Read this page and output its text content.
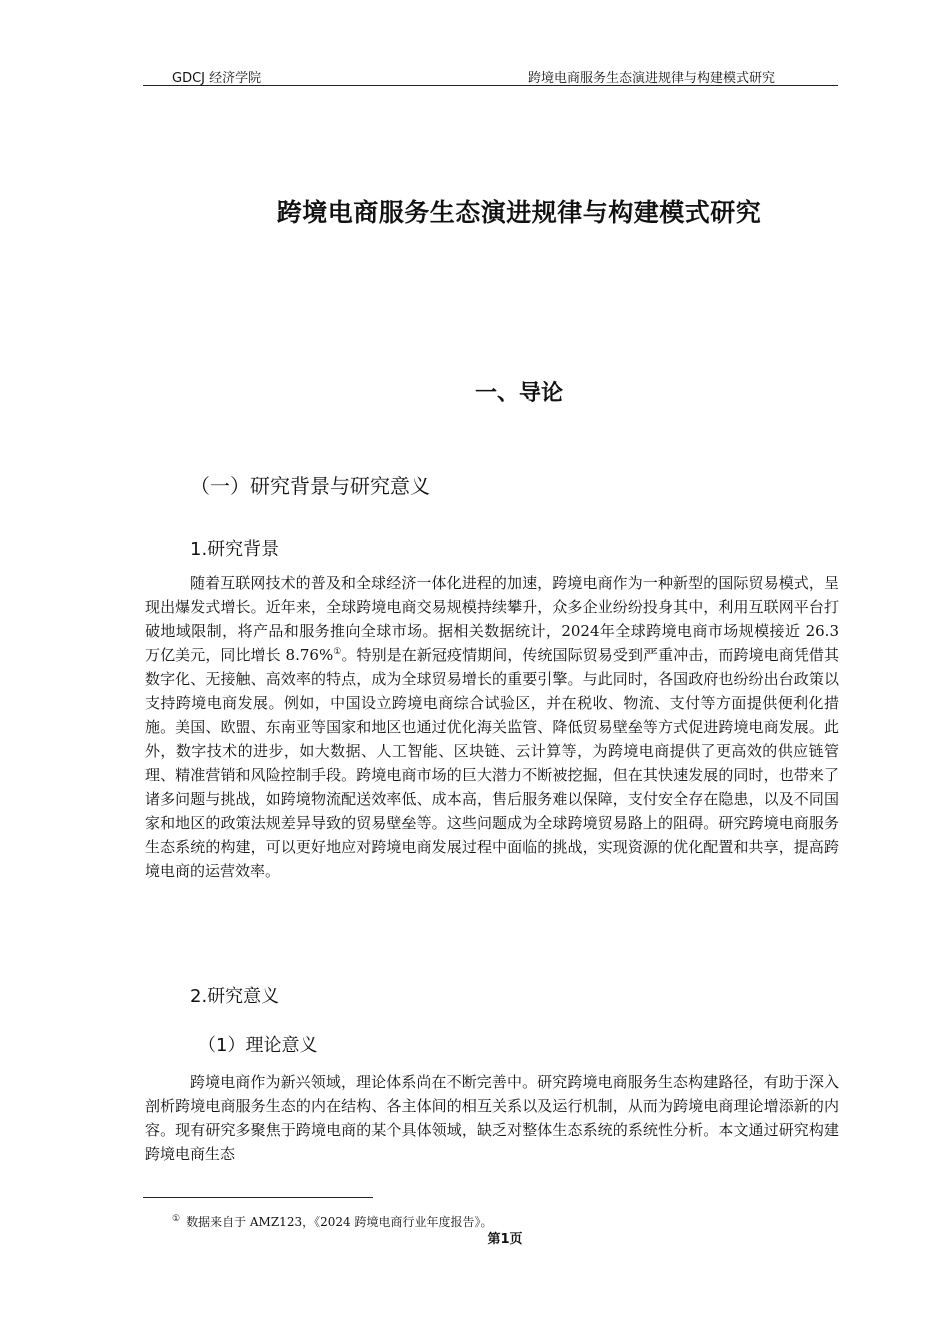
GDCJ 经济学院	跨境电商服务生态演进规律与构建模式研究
跨境电商服务生态演进规律与构建模式研究
一、导论
（一）研究背景与研究意义
1.研究背景

随着互联网技术的普及和全球经济一体化进程的加速，跨境电商作为一种新型的国际贸易模式，呈现出爆发式增长。近年来，全球跨境电商交易规模持续攀升，众多企业纷纷投身其中，利用互联网平台打破地域限制，将产品和服务推向全球市场。据相关数据统计，2024年全球跨境电商市场规模接近 26.3 万亿美元，同比增长 8.76%①。特别是在新冠疫情期间，传统国际贸易受到严重冲击，而跨境电商凭借其数字化、无接触、高效率的特点，成为全球贸易增长的重要引擎。与此同时，各国政府也纷纷出台政策以支持跨境电商发展。例如，中国设立跨境电商综合试验区，并在税收、物流、支付等方面提供便利化措施。美国、欧盟、东南亚等国家和地区也通过优化海关监管、降低贸易壁垒等方式促进跨境电商发展。此外，数字技术的进步，如大数据、人工智能、区块链、云计算等，为跨境电商提供了更高效的供应链管理、精准营销和风险控制手段。跨境电商市场的巨大潜力不断被挖掘，但在其快速发展的同时，也带来了诸多问题与挑战，如跨境物流配送效率低、成本高，售后服务难以保障，支付安全存在隐患，以及不同国家和地区的政策法规差异导致的贸易壁垒等。这些问题成为全球跨境贸易路上的阻碍。研究跨境电商服务生态系统的构建，可以更好地应对跨境电商发展过程中面临的挑战，实现资源的优化配置和共享，提高跨境电商的运营效率。

2.研究意义
（1）理论意义

跨境电商作为新兴领域，理论体系尚在不断完善中。研究跨境电商服务生态构建路径，有助于深入剖析跨境电商服务生态的内在结构、各主体间的相互关系以及运行机制，从而为跨境电商理论增添新的内容。现有研究多聚焦于跨境电商的某个具体领域，缺乏对整体生态系统的系统性分析。本文通过研究构建跨境电商生态

① 数据来自于 AMZ123，《2024 跨境电商行业年度报告》。
第1页
